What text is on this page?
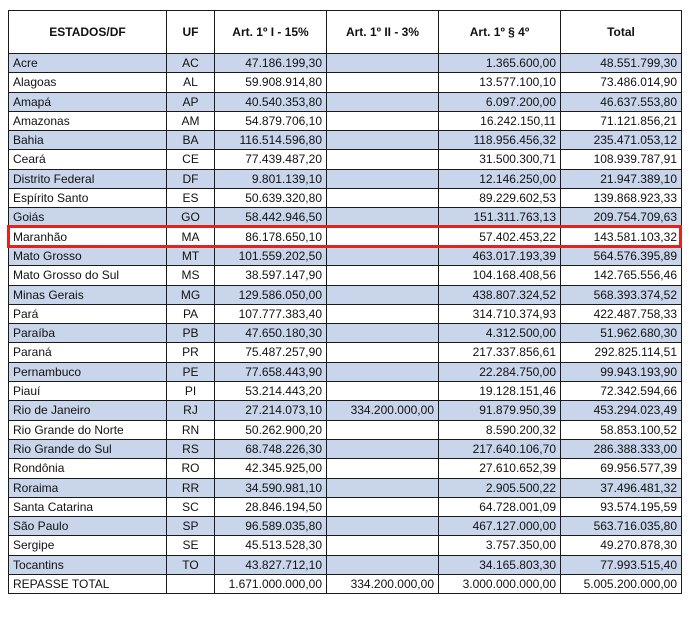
ESTADOS/DF	UF	Art. 1º I - 15%	Art. 1º II - 3%	Art. 1º § 4º	Total
Acre	AC	47.186.199,30		1.365.600,00	48.551.799,30
Alagoas	AL	59.908.914,80		13.577.100,10	73.486.014,90
Amapá	AP	40.540.353,80		6.097.200,00	46.637.553,80
Amazonas	AM	54.879.706,10		16.242.150,11	71.121.856,21
Bahia	BA	116.514.596,80		118.956.456,32	235.471.053,12
Ceará	CE	77.439.487,20		31.500.300,71	108.939.787,91
Distrito Federal	DF	9.801.139,10		12.146.250,00	21.947.389,10
Espírito Santo	ES	50.639.320,80		89.229.602,53	139.868.923,33
Goiás	GO	58.442.946,50		151.311.763,13	209.754.709,63
Maranhão	MA	86.178.650,10		57.402.453,22	143.581.103,32
Mato Grosso	MT	101.559.202,50		463.017.193,39	564.576.395,89
Mato Grosso do Sul	MS	38.597.147,90		104.168.408,56	142.765.556,46
Minas Gerais	MG	129.586.050,00		438.807.324,52	568.393.374,52
Pará	PA	107.777.383,40		314.710.374,93	422.487.758,33
Paraíba	PB	47.650.180,30		4.312.500,00	51.962.680,30
Paraná	PR	75.487.257,90		217.337.856,61	292.825.114,51
Pernambuco	PE	77.658.443,90		22.284.750,00	99.943.193,90
Piauí	PI	53.214.443,20		19.128.151,46	72.342.594,66
Rio de Janeiro	RJ	27.214.073,10	334.200.000,00	91.879.950,39	453.294.023,49
Rio Grande do Norte	RN	50.262.900,20		8.590.200,32	58.853.100,52
Rio Grande do Sul	RS	68.748.226,30		217.640.106,70	286.388.333,00
Rondônia	RO	42.345.925,00		27.610.652,39	69.956.577,39
Roraima	RR	34.590.981,10		2.905.500,22	37.496.481,32
Santa Catarina	SC	28.846.194,50		64.728.001,09	93.574.195,59
São Paulo	SP	96.589.035,80		467.127.000,00	563.716.035,80
Sergipe	SE	45.513.528,30		3.757.350,00	49.270.878,30
Tocantins	TO	43.827.712,10		34.165.803,30	77.993.515,40
REPASSE TOTAL		1.671.000.000,00	334.200.000,00	3.000.000.000,00	5.005.200.000,00
